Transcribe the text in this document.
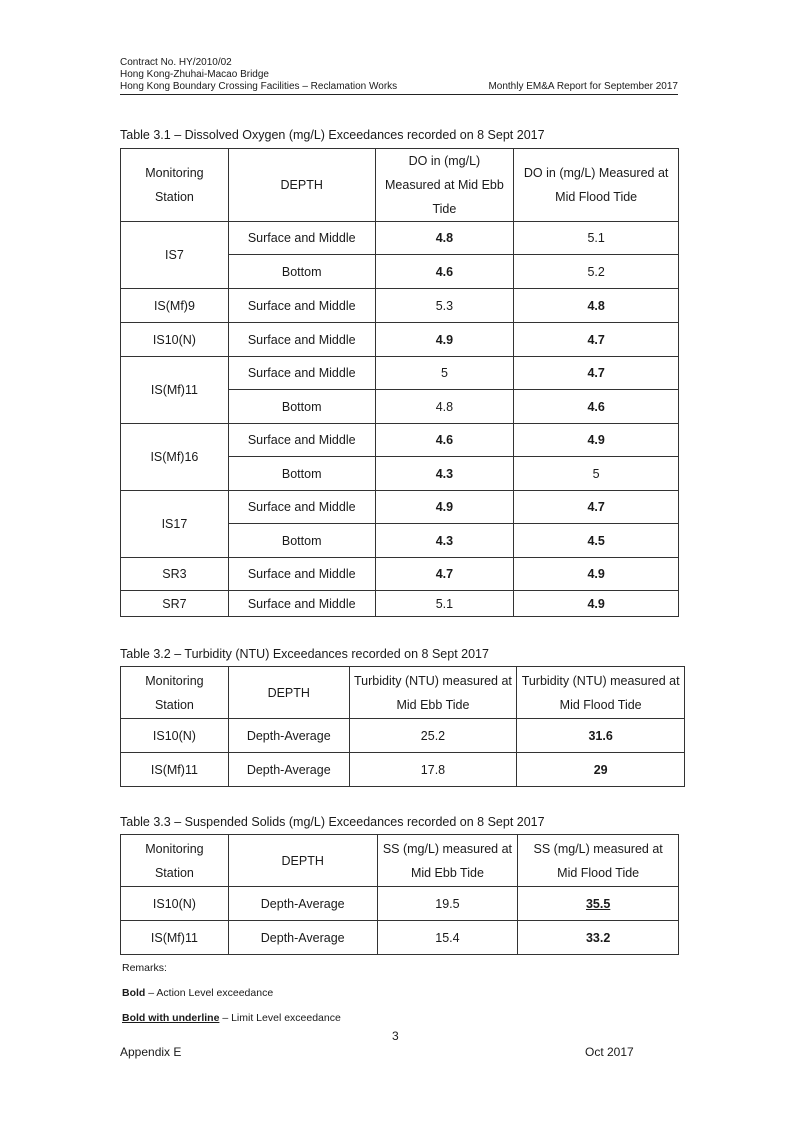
Contract No. HY/2010/02
Hong Kong-Zhuhai-Macao Bridge
Hong Kong Boundary Crossing Facilities – Reclamation Works	Monthly EM&A Report for September 2017
Table 3.1 – Dissolved Oxygen (mg/L) Exceedances recorded on 8 Sept 2017
Monitoring Station	DEPTH	DO in (mg/L) Measured at Mid Ebb Tide	DO in (mg/L) Measured at Mid Flood Tide
IS7	Surface and Middle	4.8	5.1
	Bottom	4.6	5.2
IS(Mf)9	Surface and Middle	5.3	4.8
IS10(N)	Surface and Middle	4.9	4.7
IS(Mf)11	Surface and Middle	5	4.7
	Bottom	4.8	4.6
IS(Mf)16	Surface and Middle	4.6	4.9
	Bottom	4.3	5
IS17	Surface and Middle	4.9	4.7
	Bottom	4.3	4.5
SR3	Surface and Middle	4.7	4.9
SR7	Surface and Middle	5.1	4.9
Table 3.2 – Turbidity (NTU) Exceedances recorded on 8 Sept 2017
Monitoring Station	DEPTH	Turbidity (NTU) measured at Mid Ebb Tide	Turbidity (NTU) measured at Mid Flood Tide
IS10(N)	Depth-Average	25.2	31.6
IS(Mf)11	Depth-Average	17.8	29
Table 3.3 – Suspended Solids (mg/L) Exceedances recorded on 8 Sept 2017
Monitoring Station	DEPTH	SS (mg/L) measured at Mid Ebb Tide	SS (mg/L) measured at Mid Flood Tide
IS10(N)	Depth-Average	19.5	35.5
IS(Mf)11	Depth-Average	15.4	33.2
Remarks:
Bold – Action Level exceedance
Bold with underline – Limit Level exceedance
3
Appendix E	Oct 2017
